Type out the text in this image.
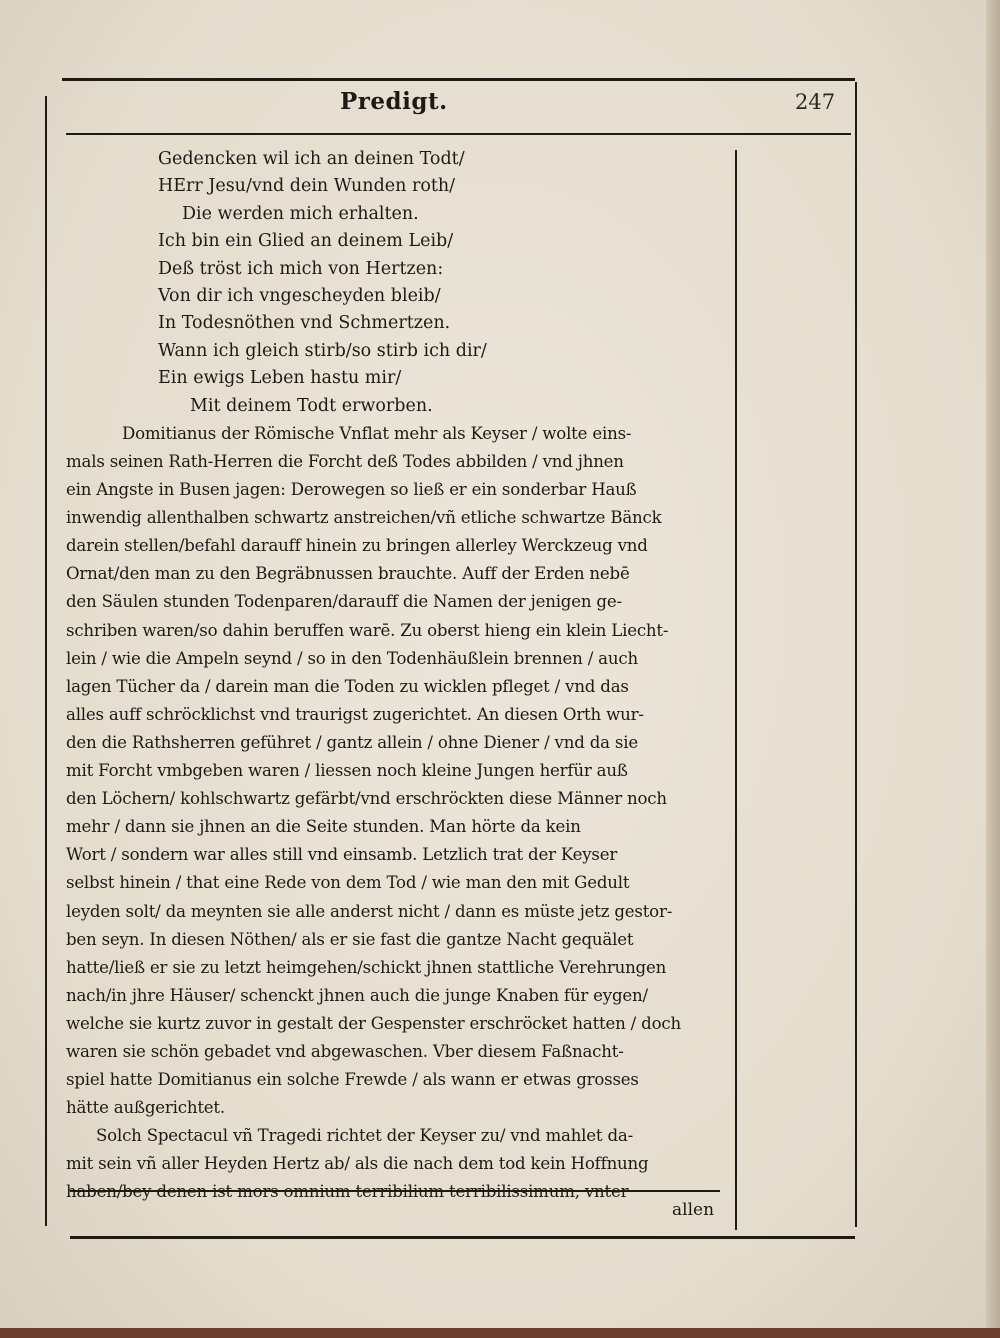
Predigt.	247
Gedencken wil ich an deinen Todt/
HErr Jesu/vnd dein Wunden roth/
Die werden mich erhalten.
Ich bin ein Glied an deinem Leib/
Deß tröst ich mich von Hertzen:
Von dir ich vngescheyden bleib/
In Todesnöthen vnd Schmertzen.
Wann ich gleich stirb/so stirb ich dir/
Ein ewigs Leben hastu mir/
Mit deinem Todt erworben.
Domitianus der Römische Vnflat mehr als Keyser / wolte eins-
mals seinen Rath-Herren die Forcht deß Todes abbilden / vnd jhnen
ein Angste in Busen jagen: Derowegen so ließ er ein sonderbar Hauß
inwendig allenthalben schwartz anstreichen/vñ etliche schwartze Bänck
darein stellen/befahl darauff hinein zu bringen allerley Werckzeug vnd
Ornat/den man zu den Begräbnussen brauchte. Auff der Erden nebē
den Säulen stunden Todenparen/darauff die Namen der jenigen ge-
schriben waren/so dahin beruffen warē. Zu oberst hieng ein klein Liecht-
lein / wie die Ampeln seynd / so in den Todenhäußlein brennen / auch
lagen Tücher da / darein man die Toden zu wicklen pfleget / vnd das
alles auff schröcklichst vnd traurigst zugerichtet. An diesen Orth wur-
den die Rathsherren geführet / gantz allein / ohne Diener / vnd da sie
mit Forcht vmbgeben waren / liessen noch kleine Jungen herfür auß
den Löchern/ kohlschwartz gefärbt/vnd erschröckten diese Männer noch
mehr / dann sie jhnen an die Seite stunden. Man hörte da kein
Wort / sondern war alles still vnd einsamb. Letzlich trat der Keyser
selbst hinein / that eine Rede von dem Tod / wie man den mit Gedult
leyden solt/ da meynten sie alle anderst nicht / dann es müste jetz gestor-
ben seyn. In diesen Nöthen/ als er sie fast die gantze Nacht gequälet
hatte/ließ er sie zu letzt heimgehen/schickt jhnen stattliche Verehrungen
nach/in jhre Häuser/ schenckt jhnen auch die junge Knaben für eygen/
welche sie kurtz zuvor in gestalt der Gespenster erschröcket hatten / doch
waren sie schön gebadet vnd abgewaschen. Vber diesem Faßnacht-
spiel hatte Domitianus ein solche Frewde / als wann er etwas grosses
hätte außgerichtet.
Solch Spectacul vñ Tragedi richtet der Keyser zu/ vnd mahlet da-
mit sein vñ aller Heyden Hertz ab/ als die nach dem tod kein Hoffnung
haben/bey denen ist mors omnium terribilium terribilissimum, vnter
allen
